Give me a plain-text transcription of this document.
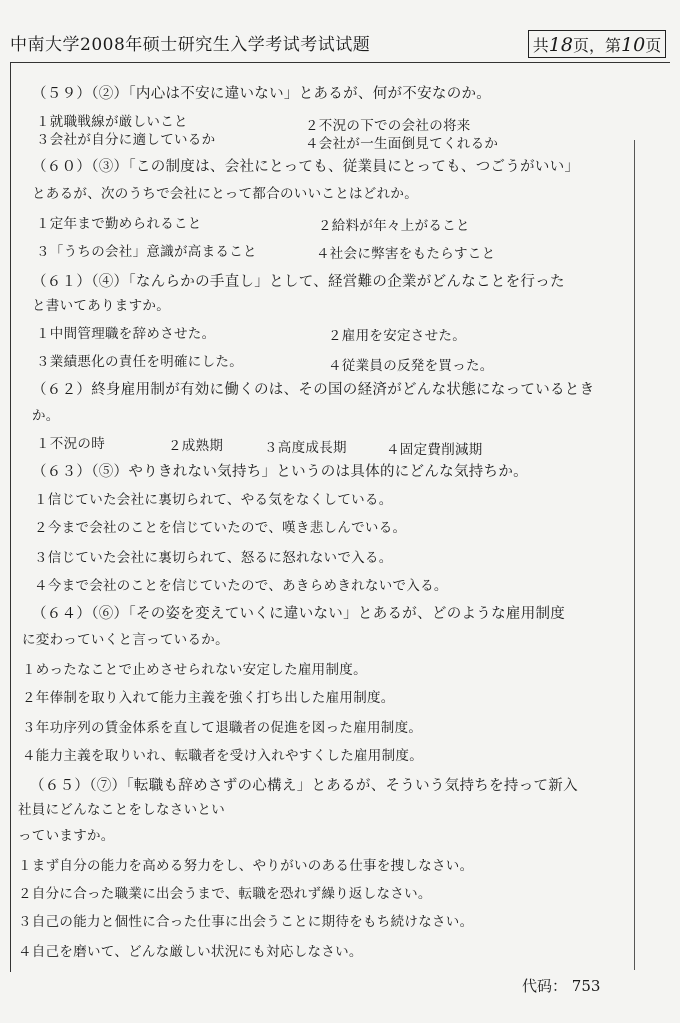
中南大学2008年硕士研究生入学考试考试试题	共18页，第10页
（５９）（②）「内心は不安に違いない」とあるが、何が不安なのか。
１就職戦線が厳しいこと	２不況の下での会社の将来
３会社が自分に適しているか	４会社が一生面倒見てくれるか
（６０）（③）「この制度は、会社にとっても、従業員にとっても、つごうがいい」
とあるが、次のうちで会社にとって都合のいいことはどれか。
１定年まで勤められること	２給料が年々上がること
３「うちの会社」意識が高まること	４社会に弊害をもたらすこと
（６１）（④）「なんらかの手直し」として、経営難の企業がどんなことを行った
と書いてありますか。
１中間管理職を辞めさせた。	２雇用を安定させた。
３業績悪化の責任を明確にした。	４従業員の反発を買った。
（６２）終身雇用制が有効に働くのは、その国の経済がどんな状態になっているとき
か。
１不況の時	２成熟期	３高度成長期	４固定費削減期
（６３）（⑤）やりきれない気持ち」というのは具体的にどんな気持ちか。
１信じていた会社に裏切られて、やる気をなくしている。
２今まで会社のことを信じていたので、嘆き悲しんでいる。
３信じていた会社に裏切られて、怒るに怒れないで入る。
４今まで会社のことを信じていたので、あきらめきれないで入る。
（６４）（⑥）「その姿を変えていくに違いない」とあるが、どのような雇用制度
に変わっていくと言っているか。
１めったなことで止めさせられない安定した雇用制度。
２年俸制を取り入れて能力主義を強く打ち出した雇用制度。
３年功序列の賃金体系を直して退職者の促進を図った雇用制度。
４能力主義を取りいれ、転職者を受け入れやすくした雇用制度。
（６５）（⑦）「転職も辞めさずの心構え」とあるが、そういう気持ちを持って新入
社員にどんなことをしなさいとい
っていますか。
１まず自分の能力を高める努力をし、やりがいのある仕事を捜しなさい。
２自分に合った職業に出会うまで、転職を恐れず繰り返しなさい。
３自己の能力と個性に合った仕事に出会うことに期待をもち続けなさい。
４自己を磨いて、どんな厳しい状況にも対応しなさい。
代码： 753
